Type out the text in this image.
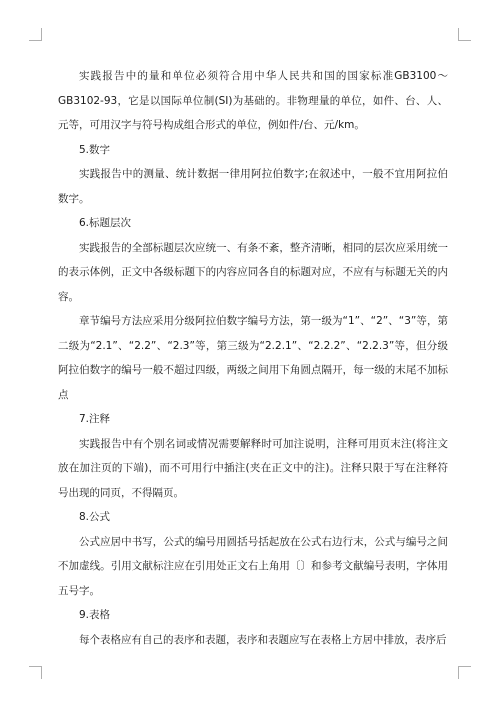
实践报告中的量和单位必须符合用中华人民共和国的国家标准GB3100～GB3102-93，它是以国际单位制(SI)为基础的。非物理量的单位，如件、台、人、元等，可用汉字与符号构成组合形式的单位，例如件/台、元/km。

5.数字

实践报告中的测量、统计数据一律用阿拉伯数字;在叙述中，一般不宜用阿拉伯数字。

6.标题层次

实践报告的全部标题层次应统一、有条不紊，整齐清晰，相同的层次应采用统一的表示体例，正文中各级标题下的内容应同各自的标题对应，不应有与标题无关的内容。

章节编号方法应采用分级阿拉伯数字编号方法，第一级为“1”、“2”、“3”等，第二级为“2.1”、“2.2”、“2.3”等，第三级为“2.2.1”、“2.2.2”、“2.2.3”等，但分级阿拉伯数字的编号一般不超过四级，两级之间用下角圆点隔开，每一级的末尾不加标点

7.注释

实践报告中有个别名词或情况需要解释时可加注说明，注释可用页末注(将注文放在加注页的下端)，而不可用行中插注(夹在正文中的注)。注释只限于写在注释符号出现的同页，不得隔页。

8.公式

公式应居中书写，公式的编号用圆括号括起放在公式右边行末，公式与编号之间不加虚线。引用文献标注应在引用处正文右上角用〔〕和参考文献编号表明，字体用五号字。

9.表格

每个表格应有自己的表序和表题，表序和表题应写在表格上方居中排放，表序后
